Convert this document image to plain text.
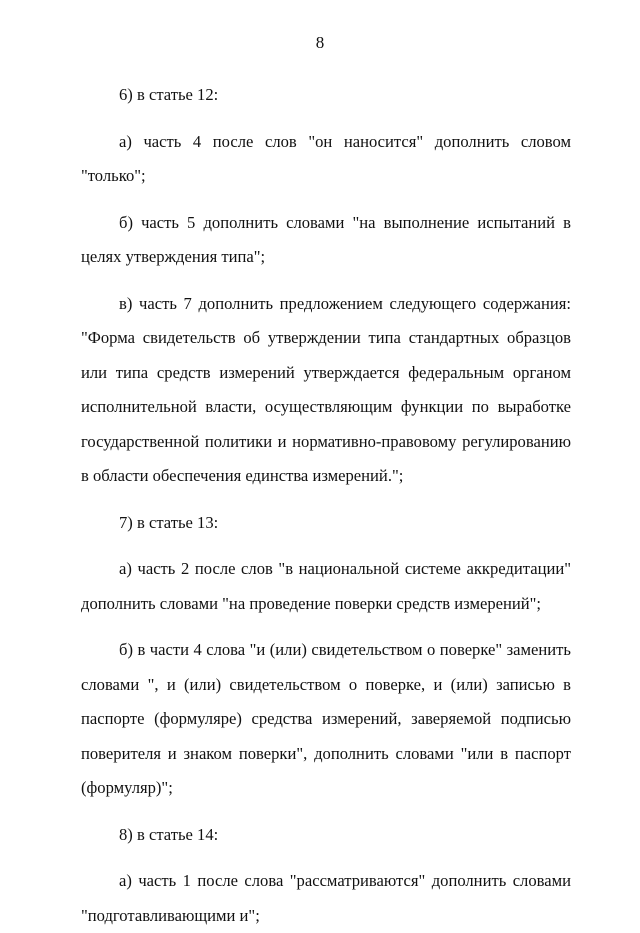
8

6) в статье 12:

а) часть 4 после слов "он наносится" дополнить словом "только";

б) часть 5 дополнить словами "на выполнение испытаний в целях утверждения типа";

в) часть 7 дополнить предложением следующего содержания: "Форма свидетельств об утверждении типа стандартных образцов или типа средств измерений утверждается федеральным органом исполнительной власти, осуществляющим функции по выработке государственной политики и нормативно-правовому регулированию в области обеспечения единства измерений.";

7) в статье 13:

а) часть 2 после слов "в национальной системе аккредитации" дополнить словами "на проведение поверки средств измерений";

б) в части 4 слова "и (или) свидетельством о поверке" заменить словами ", и (или) свидетельством о поверке, и (или) записью в паспорте (формуляре) средства измерений, заверяемой подписью поверителя и знаком поверки", дополнить словами "или в паспорт (формуляр)";

8) в статье 14:

а) часть 1 после слова "рассматриваются" дополнить словами "подготавливающими и";
